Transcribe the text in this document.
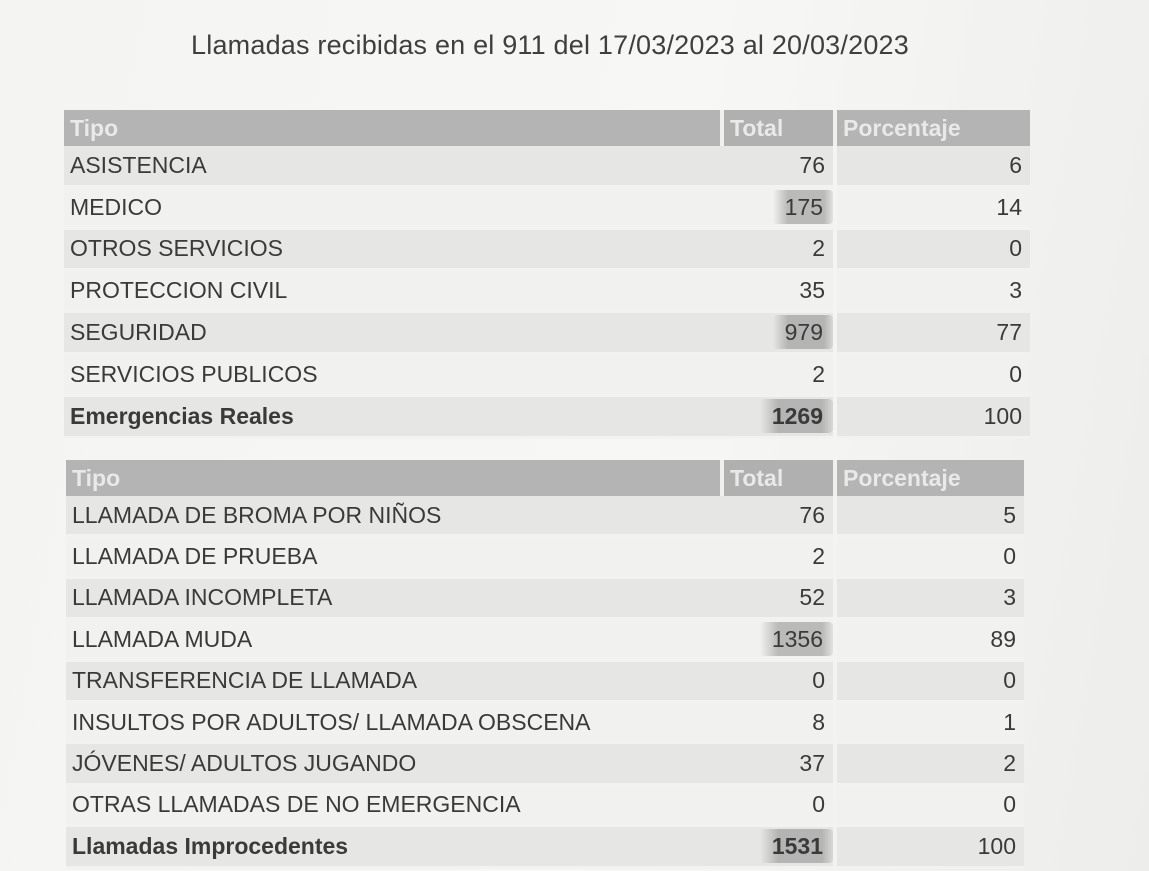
Llamadas recibidas en el 911 del 17/03/2023 al 20/03/2023
Tipo	Total	Porcentaje
ASISTENCIA	76	6
MEDICO	175	14
OTROS SERVICIOS	2	0
PROTECCION CIVIL	35	3
SEGURIDAD	979	77
SERVICIOS PUBLICOS	2	0
Emergencias Reales	1269	100
Tipo	Total	Porcentaje
LLAMADA DE BROMA POR NIÑOS	76	5
LLAMADA DE PRUEBA	2	0
LLAMADA INCOMPLETA	52	3
LLAMADA MUDA	1356	89
TRANSFERENCIA DE LLAMADA	0	0
INSULTOS POR ADULTOS/ LLAMADA OBSCENA	8	1
JÓVENES/ ADULTOS JUGANDO	37	2
OTRAS LLAMADAS DE NO EMERGENCIA	0	0
Llamadas Improcedentes	1531	100
